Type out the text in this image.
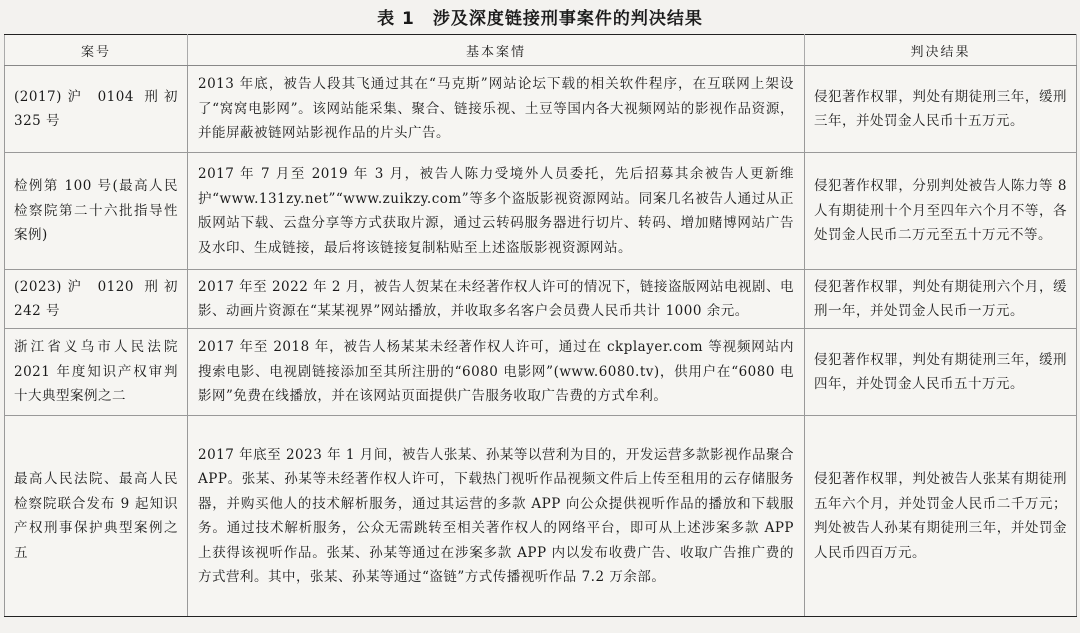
表 1 涉及深度链接刑事案件的判决结果
案号	基本案情	判决结果
(2017)沪 0104 刑初 325 号	2013 年底，被告人段其飞通过其在“马克斯”网站论坛下载的相关软件程序，在互联网上架设了“窝窝电影网”。该网站能采集、聚合、链接乐视、土豆等国内各大视频网站的影视作品资源，并能屏蔽被链网站影视作品的片头广告。	侵犯著作权罪，判处有期徒刑三年，缓刑三年，并处罚金人民币十五万元。
检例第 100 号(最高人民检察院第二十六批指导性案例)	2017 年 7 月至 2019 年 3 月，被告人陈力受境外人员委托，先后招募其余被告人更新维护“www.131zy.net”“www.zuikzy.com”等多个盗版影视资源网站。同案几名被告人通过从正版网站下载、云盘分享等方式获取片源，通过云转码服务器进行切片、转码、增加赌博网站广告及水印、生成链接，最后将该链接复制粘贴至上述盗版影视资源网站。	侵犯著作权罪，分别判处被告人陈力等 8 人有期徒刑十个月至四年六个月不等，各处罚金人民币二万元至五十万元不等。
(2023)沪 0120 刑初 242 号	2017 年至 2022 年 2 月，被告人贺某在未经著作权人许可的情况下，链接盗版网站电视剧、电影、动画片资源在“某某视界”网站播放，并收取多名客户会员费人民币共计 1000 余元。	侵犯著作权罪，判处有期徒刑六个月，缓刑一年，并处罚金人民币一万元。
浙江省义乌市人民法院 2021 年度知识产权审判十大典型案例之二	2017 年至 2018 年，被告人杨某某未经著作权人许可，通过在 ckplayer.com 等视频网站内搜索电影、电视剧链接添加至其所注册的“6080 电影网”(www.6080.tv)，供用户在“6080 电影网”免费在线播放，并在该网站页面提供广告服务收取广告费的方式牟利。	侵犯著作权罪，判处有期徒刑三年，缓刑四年，并处罚金人民币五十万元。
最高人民法院、最高人民检察院联合发布 9 起知识产权刑事保护典型案例之五	2017 年底至 2023 年 1 月间，被告人张某、孙某等以营利为目的，开发运营多款影视作品聚合 APP。张某、孙某等未经著作权人许可，下载热门视听作品视频文件后上传至租用的云存储服务器，并购买他人的技术解析服务，通过其运营的多款 APP 向公众提供视听作品的播放和下载服务。通过技术解析服务，公众无需跳转至相关著作权人的网络平台，即可从上述涉案多款 APP 上获得该视听作品。张某、孙某等通过在涉案多款 APP 内以发布收费广告、收取广告推广费的方式营利。其中，张某、孙某等通过“盗链”方式传播视听作品 7.2 万余部。	侵犯著作权罪，判处被告人张某有期徒刑五年六个月，并处罚金人民币二千万元；判处被告人孙某有期徒刑三年，并处罚金人民币四百万元。
